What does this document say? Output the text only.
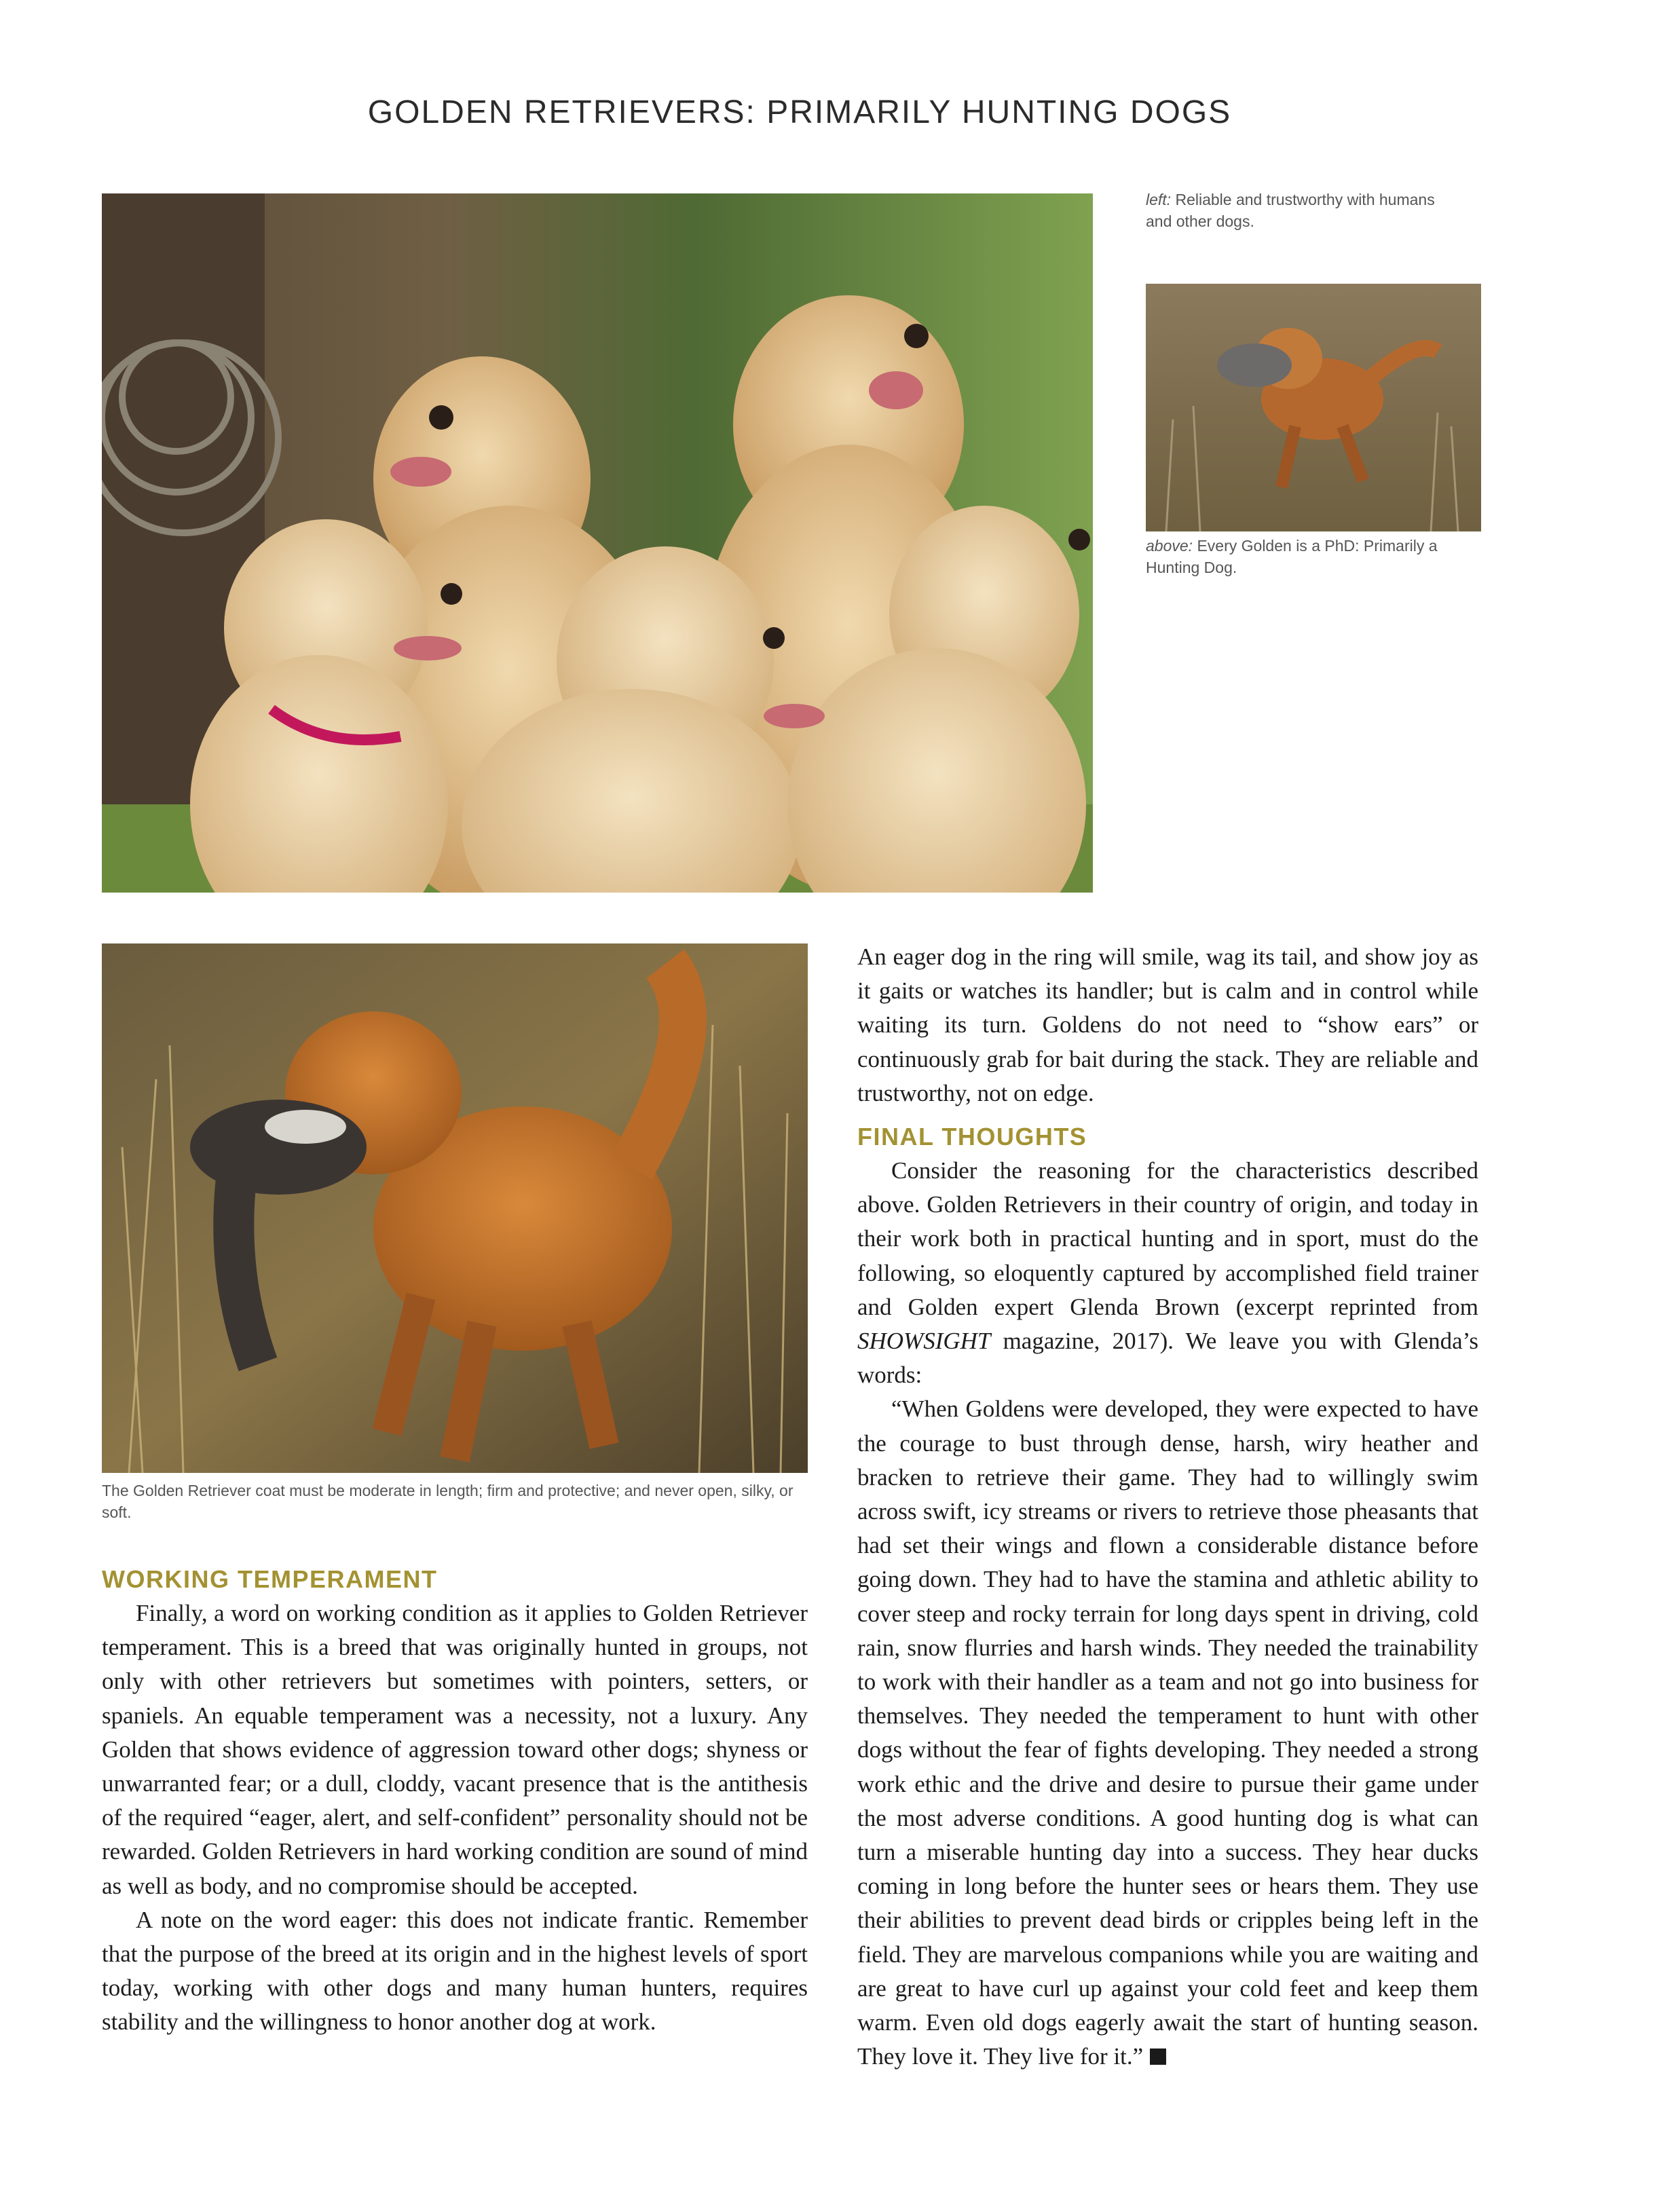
GOLDEN RETRIEVERS: PRIMARILY HUNTING DOGS

left: Reliable and trustworthy with humans and other dogs.

above: Every Golden is a PhD: Primarily a Hunting Dog.

The Golden Retriever coat must be moderate in length; firm and protective; and never open, silky, or soft.

WORKING TEMPERAMENT

Finally, a word on working condition as it applies to Golden Retriever temperament. This is a breed that was originally hunted in groups, not only with other retrievers but sometimes with pointers, setters, or spaniels. An equable temperament was a necessity, not a luxury. Any Golden that shows evidence of aggression toward other dogs; shyness or unwarranted fear; or a dull, cloddy, vacant presence that is the antithesis of the required “eager, alert, and self-confident” personality should not be rewarded. Golden Retrievers in hard working condition are sound of mind as well as body, and no compromise should be accepted.

A note on the word eager: this does not indicate frantic. Remember that the purpose of the breed at its origin and in the highest levels of sport today, working with other dogs and many human hunters, requires stability and the willingness to honor another dog at work.

An eager dog in the ring will smile, wag its tail, and show joy as it gaits or watches its handler; but is calm and in control while waiting its turn. Goldens do not need to “show ears” or continuously grab for bait during the stack. They are reliable and trustworthy, not on edge.

FINAL THOUGHTS

Consider the reasoning for the characteristics described above. Golden Retrievers in their country of origin, and today in their work both in practical hunting and in sport, must do the following, so eloquently captured by accomplished field trainer and Golden expert Glenda Brown (excerpt reprinted from SHOWSIGHT magazine, 2017). We leave you with Glenda’s words:

“When Goldens were developed, they were expected to have the courage to bust through dense, harsh, wiry heather and bracken to retrieve their game. They had to willingly swim across swift, icy streams or rivers to retrieve those pheasants that had set their wings and flown a considerable distance before going down. They had to have the stamina and athletic ability to cover steep and rocky terrain for long days spent in driving, cold rain, snow flurries and harsh winds. They needed the trainability to work with their handler as a team and not go into business for themselves. They needed the temperament to hunt with other dogs without the fear of fights developing. They needed a strong work ethic and the drive and desire to pursue their game under the most adverse conditions. A good hunting dog is what can turn a miserable hunting day into a success. They hear ducks coming in long before the hunter sees or hears them. They use their abilities to prevent dead birds or cripples being left in the field. They are marvelous companions while you are waiting and are great to have curl up against your cold feet and keep them warm. Even old dogs eagerly await the start of hunting season. They love it. They live for it.”
